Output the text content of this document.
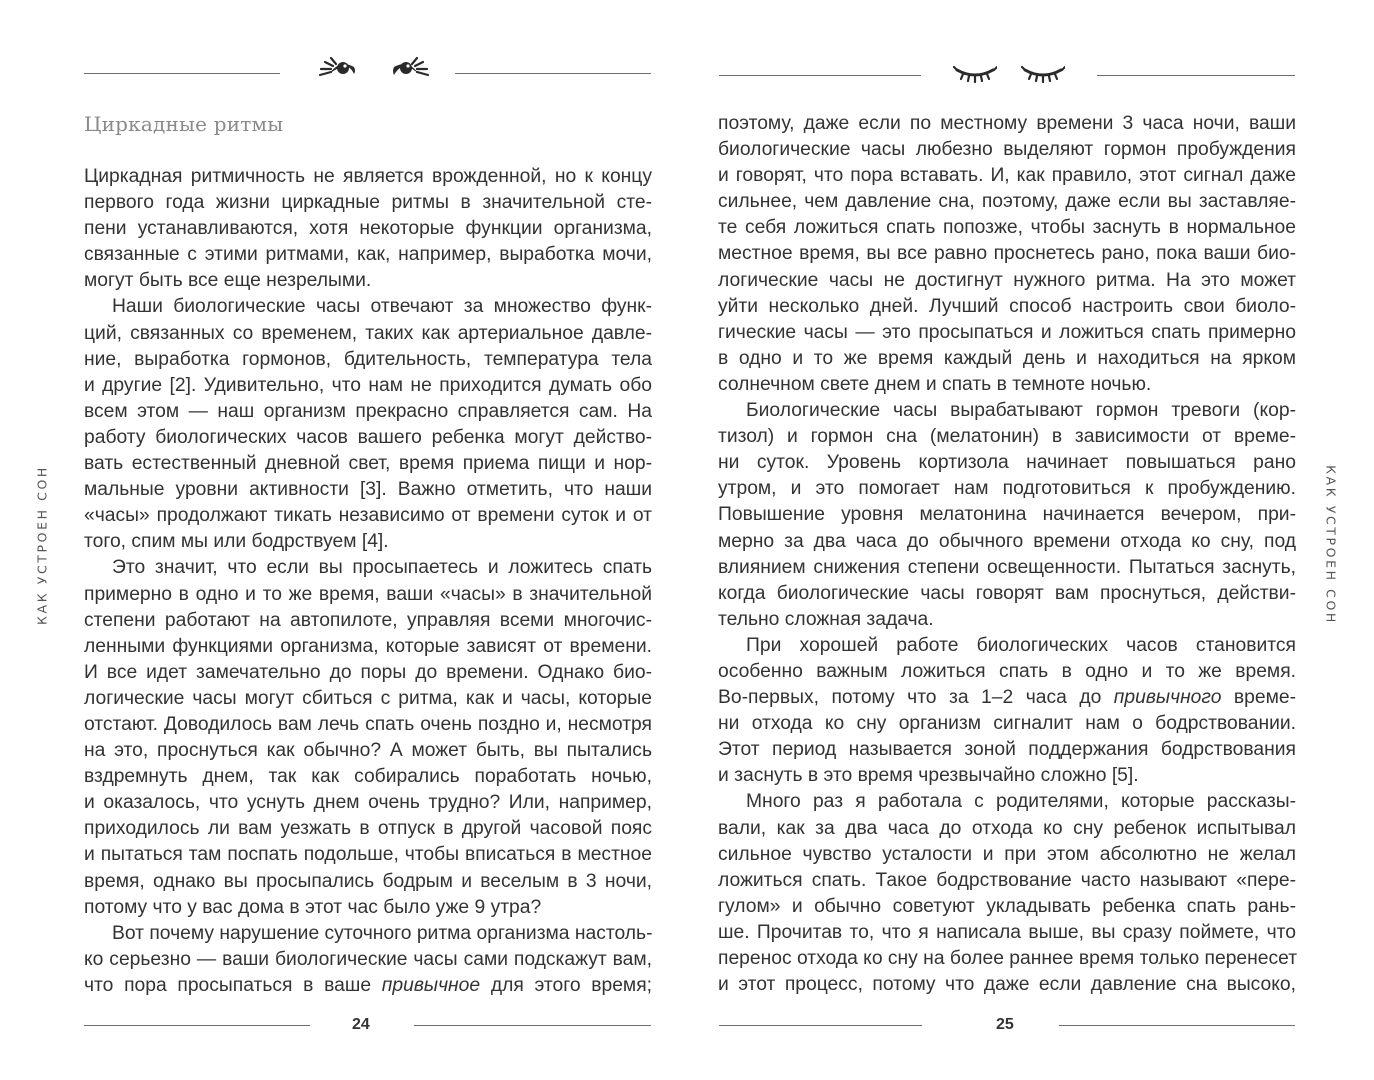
КАК УСТРОЕН СОН
Циркадные ритмы
Циркадная ритмичность не является врожденной, но к концу
первого года жизни циркадные ритмы в значительной сте-
пени устанавливаются, хотя некоторые функции организма,
связанные с этими ритмами, как, например, выработка мочи,
могут быть все еще незрелыми.
Наши биологические часы отвечают за множество функ-
ций, связанных со временем, таких как артериальное давле-
ние, выработка гормонов, бдительность, температура тела
и другие [2]. Удивительно, что нам не приходится думать обо
всем этом — наш организм прекрасно справляется сам. На
работу биологических часов вашего ребенка могут действо-
вать естественный дневной свет, время приема пищи и нор-
мальные уровни активности [3]. Важно отметить, что наши
«часы» продолжают тикать независимо от времени суток и от
того, спим мы или бодрствуем [4].
Это значит, что если вы просыпаетесь и ложитесь спать
примерно в одно и то же время, ваши «часы» в значительной
степени работают на автопилоте, управляя всеми многочис-
ленными функциями организма, которые зависят от времени.
И все идет замечательно до поры до времени. Однако био-
логические часы могут сбиться с ритма, как и часы, которые
отстают. Доводилось вам лечь спать очень поздно и, несмотря
на это, проснуться как обычно? А может быть, вы пытались
вздремнуть днем, так как собирались поработать ночью,
и оказалось, что уснуть днем очень трудно? Или, например,
приходилось ли вам уезжать в отпуск в другой часовой пояс
и пытаться там поспать подольше, чтобы вписаться в местное
время, однако вы просыпались бодрым и веселым в 3 ночи,
потому что у вас дома в этот час было уже 9 утра?
Вот почему нарушение суточного ритма организма настоль-
ко серьезно — ваши биологические часы сами подскажут вам,
что пора просыпаться в ваше привычное для этого время;
24
КАК УСТРОЕН СОН
поэтому, даже если по местному времени 3 часа ночи, ваши
биологические часы любезно выделяют гормон пробуждения
и говорят, что пора вставать. И, как правило, этот сигнал даже
сильнее, чем давление сна, поэтому, даже если вы заставляе-
те себя ложиться спать попозже, чтобы заснуть в нормальное
местное время, вы все равно проснетесь рано, пока ваши био-
логические часы не достигнут нужного ритма. На это может
уйти несколько дней. Лучший способ настроить свои биоло-
гические часы — это просыпаться и ложиться спать примерно
в одно и то же время каждый день и находиться на ярком
солнечном свете днем и спать в темноте ночью.
Биологические часы вырабатывают гормон тревоги (кор-
тизол) и гормон сна (мелатонин) в зависимости от време-
ни суток. Уровень кортизола начинает повышаться рано
утром, и это помогает нам подготовиться к пробуждению.
Повышение уровня мелатонина начинается вечером, при-
мерно за два часа до обычного времени отхода ко сну, под
влиянием снижения степени освещенности. Пытаться заснуть,
когда биологические часы говорят вам проснуться, действи-
тельно сложная задача.
При хорошей работе биологических часов становится
особенно важным ложиться спать в одно и то же время.
Во-первых, потому что за 1–2 часа до привычного време-
ни отхода ко сну организм сигналит нам о бодрствовании.
Этот период называется зоной поддержания бодрствования
и заснуть в это время чрезвычайно сложно [5].
Много раз я работала с родителями, которые рассказы-
вали, как за два часа до отхода ко сну ребенок испытывал
сильное чувство усталости и при этом абсолютно не желал
ложиться спать. Такое бодрствование часто называют «пере-
гулом» и обычно советуют укладывать ребенка спать рань-
ше. Прочитав то, что я написала выше, вы сразу поймете, что
перенос отхода ко сну на более раннее время только перенесет
и этот процесс, потому что даже если давление сна высоко,
25
